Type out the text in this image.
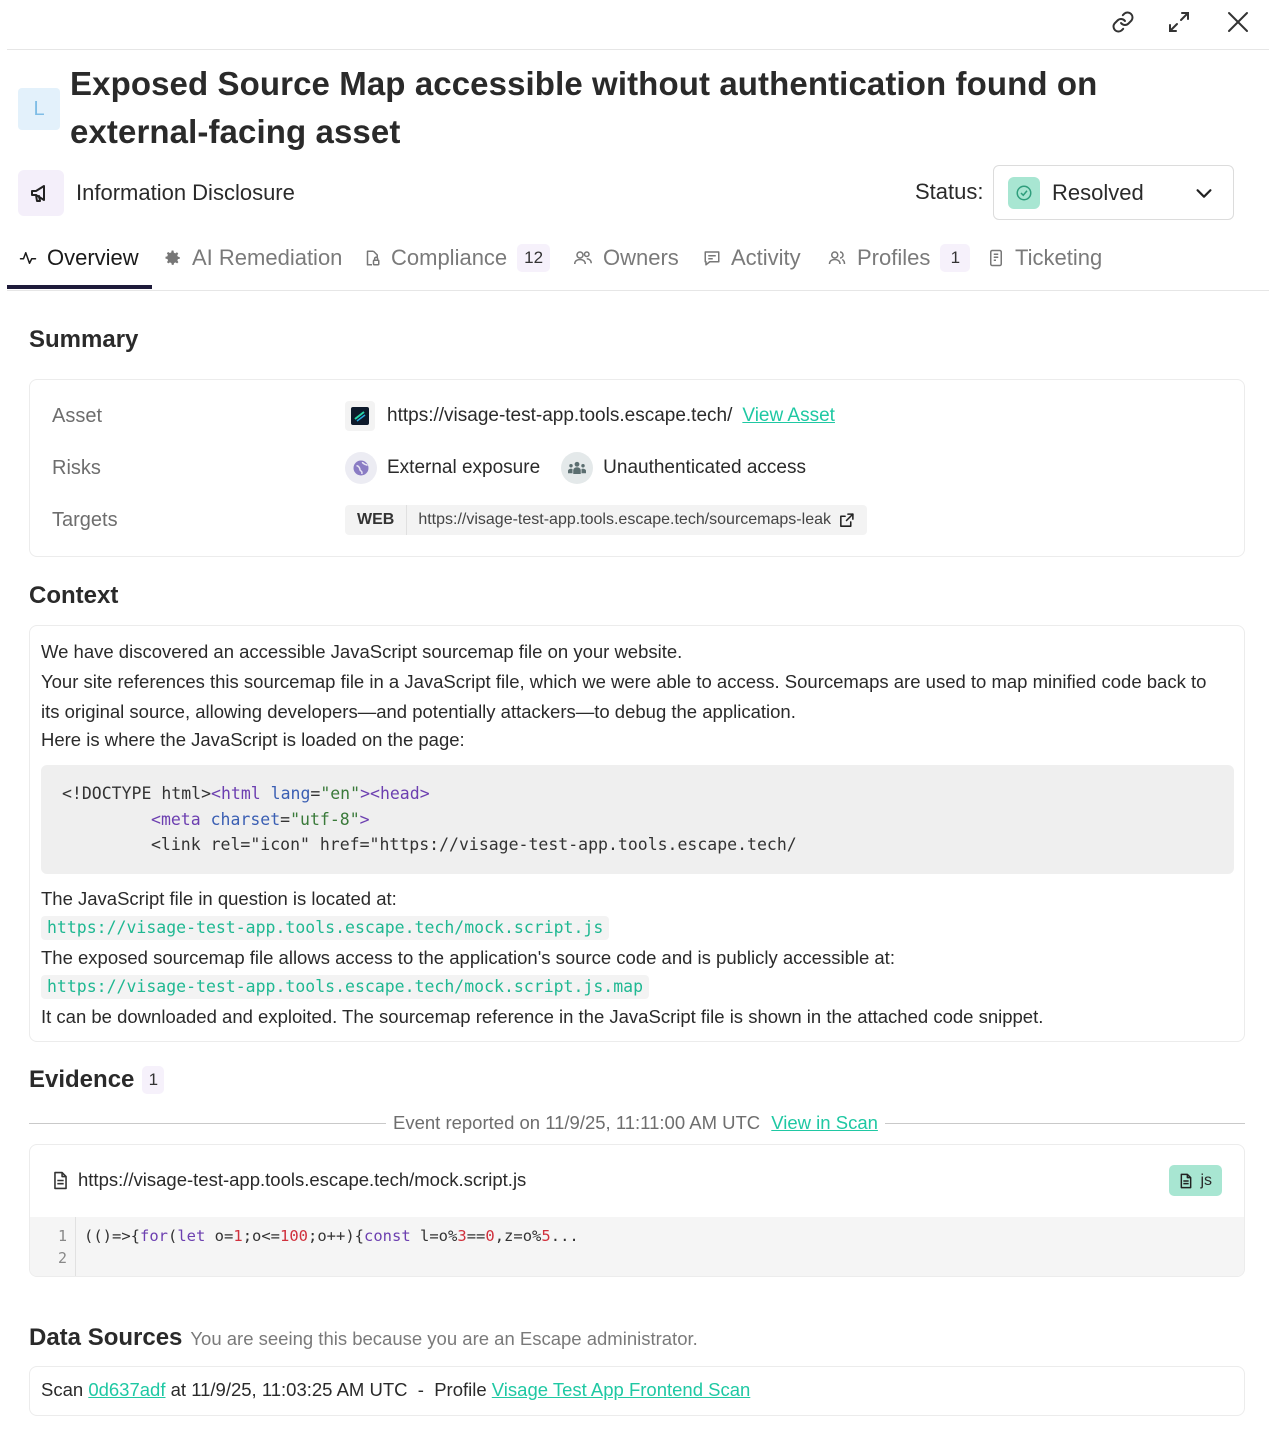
L
Exposed Source Map accessible without authentication found on external-facing asset
Information Disclosure	Status:	Resolved
Overview AI Remediation Compliance	12	Owners Activity	Profiles	1	Ticketing
Summary
Asset	https://visage-test-app.tools.escape.tech/ View Asset
Risks	External exposure	Unauthenticated access
Targets	WEB	https://visage-test-app.tools.escape.tech/sourcemaps-leak
Context

We have discovered an accessible JavaScript sourcemap file on your website.

Your site references this sourcemap file in a JavaScript file, which we were able to access. Sourcemaps are used to map minified code back to its original source, allowing developers—and potentially attackers—to debug the application.

Here is where the JavaScript is loaded on the page:

<!DOCTYPE html><html lang="en"><head>
<meta charset="utf-8">
<link rel="icon" href="https://visage-test-app.tools.escape.tech/

The JavaScript file in question is located at:

https://visage-test-app.tools.escape.tech/mock.script.js

The exposed sourcemap file allows access to the application's source code and is publicly accessible at:

https://visage-test-app.tools.escape.tech/mock.script.js.map

It can be downloaded and exploited. The sourcemap reference in the JavaScript file is shown in the attached code snippet.

Evidence 1
Event reported on 11/9/25, 11:11:00 AM UTC View in Scan
https://visage-test-app.tools.escape.tech/mock.script.js	js
1
2
(()=>{for(let o=1;o<=100;o++){const l=o%3==0,z=o%5...
Data Sources You are seeing this because you are an Escape administrator.
Scan 0d637adf at 11/9/25, 11:03:25 AM UTC  -  Profile Visage Test App Frontend Scan
